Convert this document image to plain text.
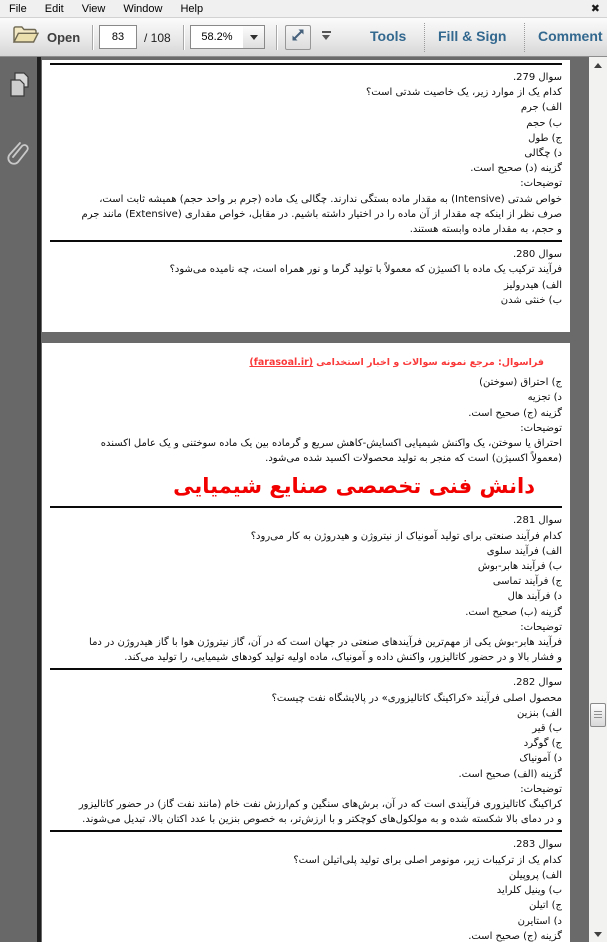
File	Edit	View	Window	Help	✖
Open
83	/ 108
58.2%	Tools Fill & Sign Comment
سوال 279.
کدام یک از موارد زیر، یک خاصیت شدتی است؟
الف) جرم
ب) حجم
ج) طول
د) چگالی
گزینه (د) صحیح است.
توضیحات:
خواص شدتی (Intensive) به مقدار ماده بستگی ندارند. چگالی یک ماده (جرم بر واحد حجم) همیشه ثابت است،
صرف نظر از اینکه چه مقدار از آن ماده را در اختیار داشته باشیم. در مقابل، خواص مقداری (Extensive) مانند جرم
و حجم، به مقدار ماده وابسته هستند.
سوال 280.
فرآیند ترکیب یک ماده با اکسیژن که معمولاً با تولید گرما و نور همراه است، چه نامیده می‌شود؟
الف) هیدرولیز
ب) خنثی شدن
فراسوال: مرجع نمونه سوالات و اخبار استخدامی(farasoal.ir)
ج) احتراق (سوختن)
د) تجزیه
گزینه (ج) صحیح است.
توضیحات:
احتراق یا سوختن، یک واکنش شیمیایی اکسایش-کاهش سریع و گرماده بین یک ماده سوختنی و یک عامل اکسنده
(معمولاً اکسیژن) است که منجر به تولید محصولات اکسید شده می‌شود.
دانش فنی تخصصی صنایع شیمیایی
سوال 281.
کدام فرآیند صنعتی برای تولید آمونیاک از نیتروژن و هیدروژن به کار می‌رود؟
الف) فرآیند سلوی
ب) فرآیند هابر-بوش
ج) فرآیند تماسی
د) فرآیند هال
گزینه (ب) صحیح است.
توضیحات:
فرآیند هابر-بوش یکی از مهم‌ترین فرآیندهای صنعتی در جهان است که در آن، گاز نیتروژن هوا با گاز هیدروژن در دما
و فشار بالا و در حضور کاتالیزور، واکنش داده و آمونیاک، ماده اولیه تولید کودهای شیمیایی، را تولید می‌کند.
سوال 282.
محصول اصلی فرآیند «کراکینگ کاتالیزوری» در پالایشگاه نفت چیست؟
الف) بنزین
ب) قیر
ج) گوگرد
د) آمونیاک
گزینه (الف) صحیح است.
توضیحات:
کراکینگ کاتالیزوری فرآیندی است که در آن، برش‌های سنگین و کم‌ارزش نفت خام (مانند نفت گاز) در حضور کاتالیزور
و در دمای بالا شکسته شده و به مولکول‌های کوچکتر و با ارزش‌تر، به خصوص بنزین با عدد اکتان بالا، تبدیل می‌شوند.
سوال 283.
کدام یک از ترکیبات زیر، مونومر اصلی برای تولید پلی‌اتیلن است؟
الف) پروپیلن
ب) وینیل کلراید
ج) اتیلن
د) استایرن
گزینه (ج) صحیح است.
